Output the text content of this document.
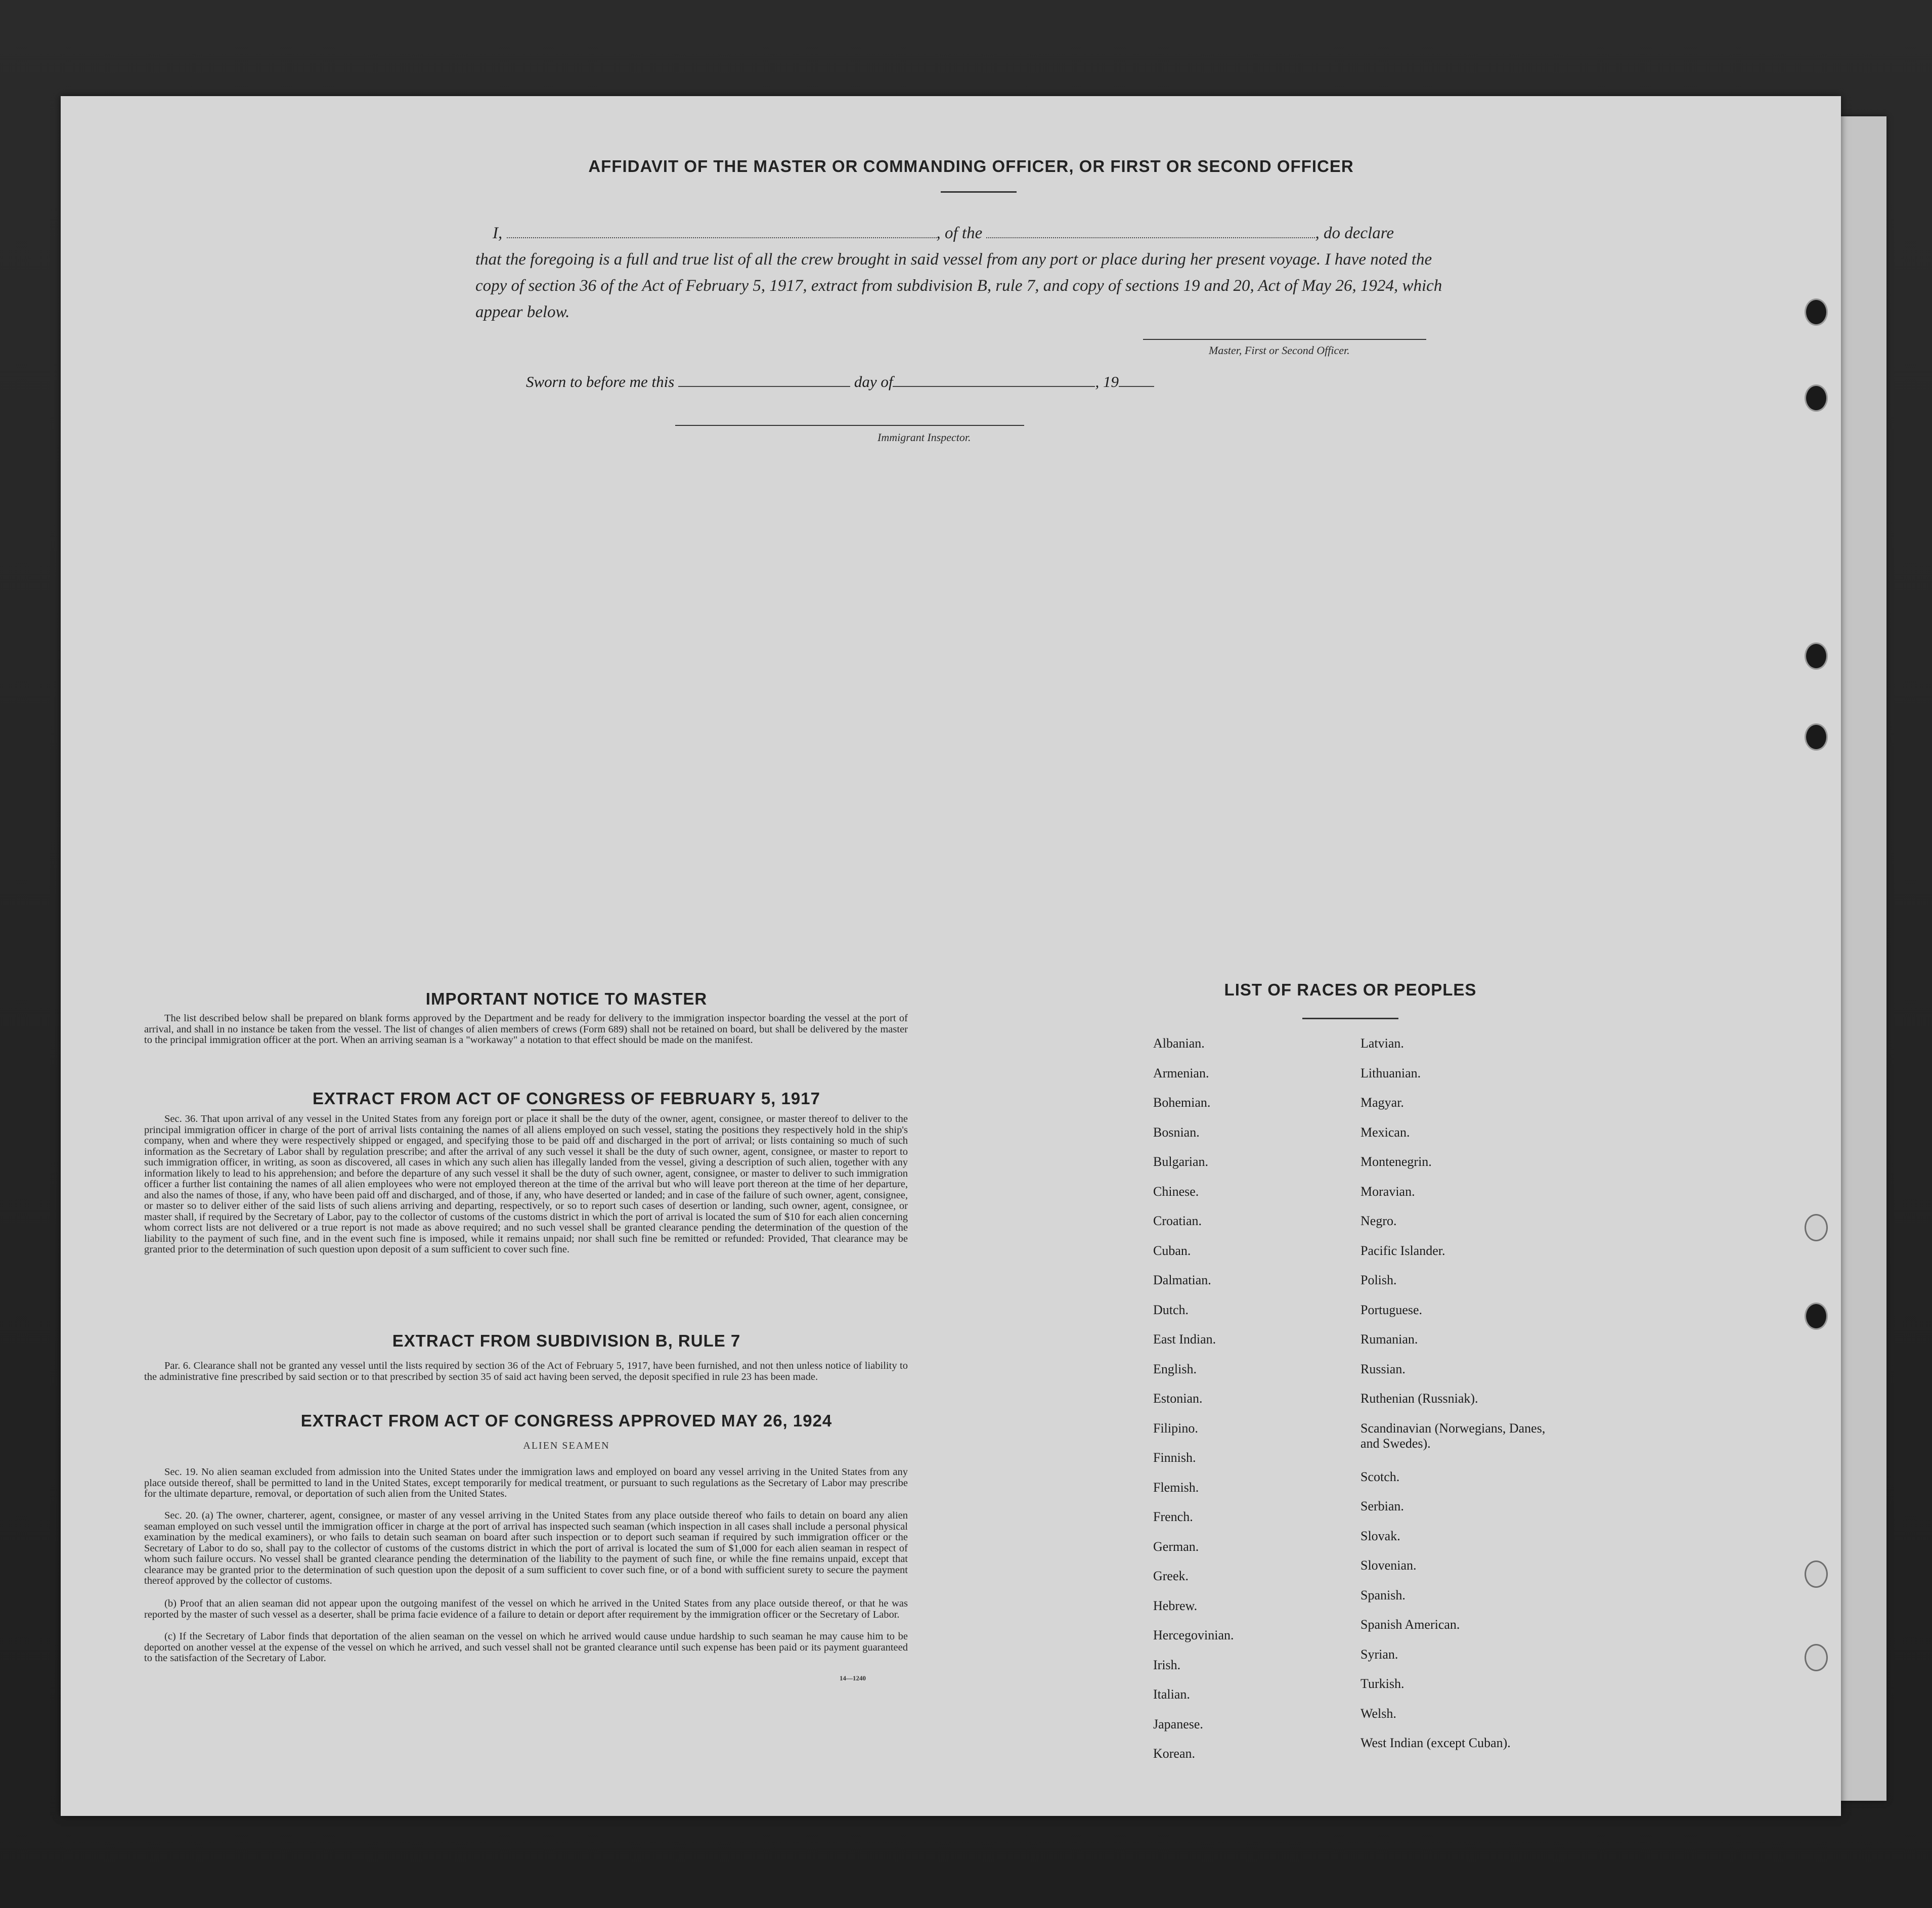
AFFIDAVIT OF THE MASTER OR COMMANDING OFFICER, OR FIRST OR SECOND OFFICER
I,	, of the	, do declare
that the foregoing is a full and true list of all the crew brought in said vessel from any port or place during her present voyage. I have noted the copy of section 36 of the Act of February 5, 1917, extract from subdivision B, rule 7, and copy of sections 19 and 20, Act of May 26, 1924, which appear below.
Master, First or Second Officer.
Sworn to before me this	day of	, 19
Immigrant Inspector.
IMPORTANT NOTICE TO MASTER
The list described below shall be prepared on blank forms approved by the Department and be ready for delivery to the immigration inspector boarding the vessel at the port of arrival, and shall in no instance be taken from the vessel. The list of changes of alien members of crews (Form 689) shall not be retained on board, but shall be delivered by the master to the principal immigration officer at the port. When an arriving seaman is a "workaway" a notation to that effect should be made on the manifest.
EXTRACT FROM ACT OF CONGRESS OF FEBRUARY 5, 1917
Sec. 36. That upon arrival of any vessel in the United States from any foreign port or place it shall be the duty of the owner, agent, consignee, or master thereof to deliver to the principal immigration officer in charge of the port of arrival lists containing the names of all aliens employed on such vessel, stating the positions they respectively hold in the ship's company, when and where they were respectively shipped or engaged, and specifying those to be paid off and discharged in the port of arrival; or lists containing so much of such information as the Secretary of Labor shall by regulation prescribe; and after the arrival of any such vessel it shall be the duty of such owner, agent, consignee, or master to report to such immigration officer, in writing, as soon as discovered, all cases in which any such alien has illegally landed from the vessel, giving a description of such alien, together with any information likely to lead to his apprehension; and before the departure of any such vessel it shall be the duty of such owner, agent, consignee, or master to deliver to such immigration officer a further list containing the names of all alien employees who were not employed thereon at the time of the arrival but who will leave port thereon at the time of her departure, and also the names of those, if any, who have been paid off and discharged, and of those, if any, who have deserted or landed; and in case of the failure of such owner, agent, consignee, or master so to deliver either of the said lists of such aliens arriving and departing, respectively, or so to report such cases of desertion or landing, such owner, agent, consignee, or master shall, if required by the Secretary of Labor, pay to the collector of customs of the customs district in which the port of arrival is located the sum of $10 for each alien concerning whom correct lists are not delivered or a true report is not made as above required; and no such vessel shall be granted clearance pending the determination of the question of the liability to the payment of such fine, and in the event such fine is imposed, while it remains unpaid; nor shall such fine be remitted or refunded: Provided, That clearance may be granted prior to the determination of such question upon deposit of a sum sufficient to cover such fine.
EXTRACT FROM SUBDIVISION B, RULE 7
Par. 6. Clearance shall not be granted any vessel until the lists required by section 36 of the Act of February 5, 1917, have been furnished, and not then unless notice of liability to the administrative fine prescribed by said section or to that prescribed by section 35 of said act having been served, the deposit specified in rule 23 has been made.
EXTRACT FROM ACT OF CONGRESS APPROVED MAY 26, 1924
ALIEN SEAMEN
Sec. 19. No alien seaman excluded from admission into the United States under the immigration laws and employed on board any vessel arriving in the United States from any place outside thereof, shall be permitted to land in the United States, except temporarily for medical treatment, or pursuant to such regulations as the Secretary of Labor may prescribe for the ultimate departure, removal, or deportation of such alien from the United States.
Sec. 20. (a) The owner, charterer, agent, consignee, or master of any vessel arriving in the United States from any place outside thereof who fails to detain on board any alien seaman employed on such vessel until the immigration officer in charge at the port of arrival has inspected such seaman (which inspection in all cases shall include a personal physical examination by the medical examiners), or who fails to detain such seaman on board after such inspection or to deport such seaman if required by such immigration officer or the Secretary of Labor to do so, shall pay to the collector of customs of the customs district in which the port of arrival is located the sum of $1,000 for each alien seaman in respect of whom such failure occurs. No vessel shall be granted clearance pending the determination of the liability to the payment of such fine, or while the fine remains unpaid, except that clearance may be granted prior to the determination of such question upon the deposit of a sum sufficient to cover such fine, or of a bond with sufficient surety to secure the payment thereof approved by the collector of customs.
(b) Proof that an alien seaman did not appear upon the outgoing manifest of the vessel on which he arrived in the United States from any place outside thereof, or that he was reported by the master of such vessel as a deserter, shall be prima facie evidence of a failure to detain or deport after requirement by the immigration officer or the Secretary of Labor.
(c) If the Secretary of Labor finds that deportation of the alien seaman on the vessel on which he arrived would cause undue hardship to such seaman he may cause him to be deported on another vessel at the expense of the vessel on which he arrived, and such vessel shall not be granted clearance until such expense has been paid or its payment guaranteed to the satisfaction of the Secretary of Labor.
14—1240
LIST OF RACES OR PEOPLES
Albanian.
Armenian.
Bohemian.
Bosnian.
Bulgarian.
Chinese.
Croatian.
Cuban.
Dalmatian.
Dutch.
East Indian.
English.
Estonian.
Filipino.
Finnish.
Flemish.
French.
German.
Greek.
Hebrew.
Hercegovinian.
Irish.
Italian.
Japanese.
Korean.
Latvian.
Lithuanian.
Magyar.
Mexican.
Montenegrin.
Moravian.
Negro.
Pacific Islander.
Polish.
Portuguese.
Rumanian.
Russian.
Ruthenian (Russniak).
Scandinavian (Norwegians, Danes, and Swedes).
Scotch.
Serbian.
Slovak.
Slovenian.
Spanish.
Spanish American.
Syrian.
Turkish.
Welsh.
West Indian (except Cuban).
